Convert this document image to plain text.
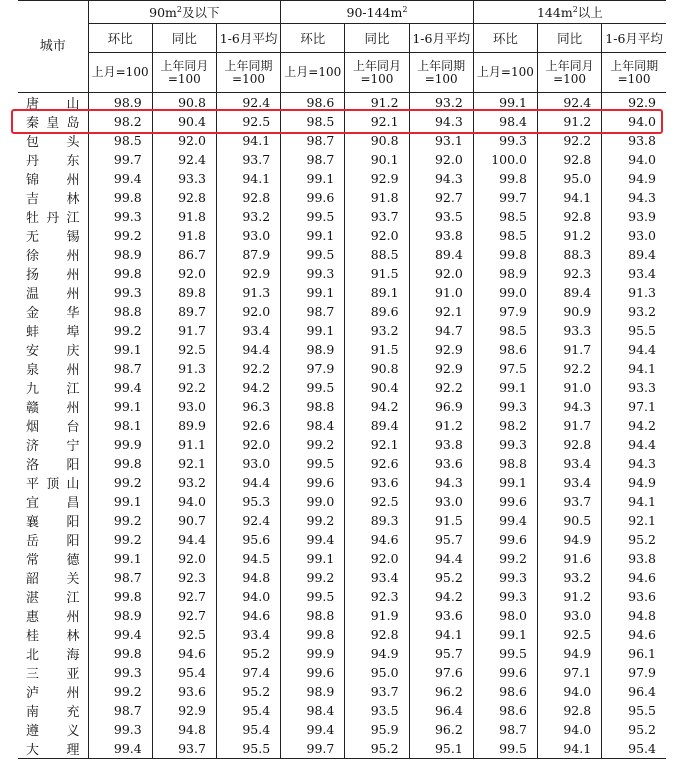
城市	$90m^2$及以下			$90-144m^2$			$144m^2$以上		
	环比	同比	1-6月平均	环比	同比	1-6月平均	环比	同比	1-6月平均
	上月=100	上年同月=100	上年同期=100	上月=100	上年同月=100	上年同期=100	上月=100	上年同月=100	上年同期=100

唐 山	98.9	90.8	92.4	98.6	91.2	93.2	99.1	92.4	92.9

秦 皇 岛	98.2	90.4	92.5	98.5	92.1	94.3	98.4	91.2	94.0

包 头	98.5	92.0	94.1	98.7	90.8	93.1	99.3	92.2	93.8

丹 东	99.7	92.4	93.7	98.7	90.1	92.0	100.0	92.8	94.0

锦 州	99.4	93.3	94.1	99.1	92.9	94.3	99.8	95.0	94.9

吉 林	99.8	92.8	92.8	99.6	91.8	92.7	99.7	94.1	94.3

牡 丹 江	99.3	91.8	93.2	99.5	93.7	93.5	98.5	92.8	93.9

无 锡	99.2	91.8	93.0	99.1	92.0	93.8	98.5	91.2	93.0

徐 州	98.9	86.7	87.9	99.5	88.5	89.4	99.8	88.3	89.4

扬 州	99.8	92.0	92.9	99.3	91.5	92.0	98.9	92.3	93.4

温 州	99.3	89.8	91.3	99.1	89.1	91.0	99.0	89.4	91.3

金 华	98.8	89.7	92.0	98.7	89.6	92.1	97.9	90.9	93.2

蚌 埠	99.2	91.7	93.4	99.1	93.2	94.7	98.5	93.3	95.5

安 庆	99.1	92.5	94.4	98.9	91.5	92.9	98.6	91.7	94.4

泉 州	98.7	91.3	92.2	97.9	90.8	92.9	97.5	92.2	94.1

九 江	99.4	92.2	94.2	99.5	90.4	92.2	99.1	91.0	93.3

赣 州	99.1	93.0	96.3	98.8	94.2	96.9	99.3	94.3	97.1

烟 台	98.1	89.9	92.6	98.4	89.4	91.2	98.2	91.7	94.2

济 宁	99.9	91.1	92.0	99.2	92.1	93.8	99.3	92.8	94.4

洛 阳	99.8	92.1	93.0	99.5	92.6	93.6	98.8	93.4	94.3

平 顶 山	99.2	93.2	94.4	99.6	93.6	94.3	99.1	93.4	94.9

宜 昌	99.1	94.0	95.3	99.0	92.5	93.0	99.6	93.7	94.1

襄 阳	99.2	90.7	92.4	99.2	89.3	91.5	99.4	90.5	92.1

岳 阳	99.2	94.4	95.6	99.4	94.6	95.7	99.6	94.9	95.2

常 德	99.1	92.0	94.5	99.1	92.0	94.4	99.2	91.6	93.8

韶 关	98.7	92.3	94.8	99.2	93.4	95.2	99.3	93.2	94.6

湛 江	99.8	92.7	94.0	99.5	92.3	94.2	99.3	91.2	93.6

惠 州	98.9	92.7	94.6	98.8	91.9	93.6	98.0	93.0	94.8

桂 林	99.4	92.5	93.4	99.8	92.8	94.1	99.1	92.5	94.6

北 海	99.8	94.6	95.2	99.9	94.9	95.7	99.5	94.9	96.1

三 亚	99.3	95.4	97.4	99.6	95.0	97.6	99.6	97.1	97.9

泸 州	99.2	93.6	95.2	98.9	93.7	96.2	98.6	94.0	96.4

南 充	98.7	92.9	95.4	98.4	93.5	96.4	98.6	92.8	95.5

遵 义	99.3	94.8	95.4	99.4	95.9	96.2	98.7	94.0	95.2

大 理	99.4	93.7	95.5	99.7	95.2	95.1	99.5	94.1	95.4
